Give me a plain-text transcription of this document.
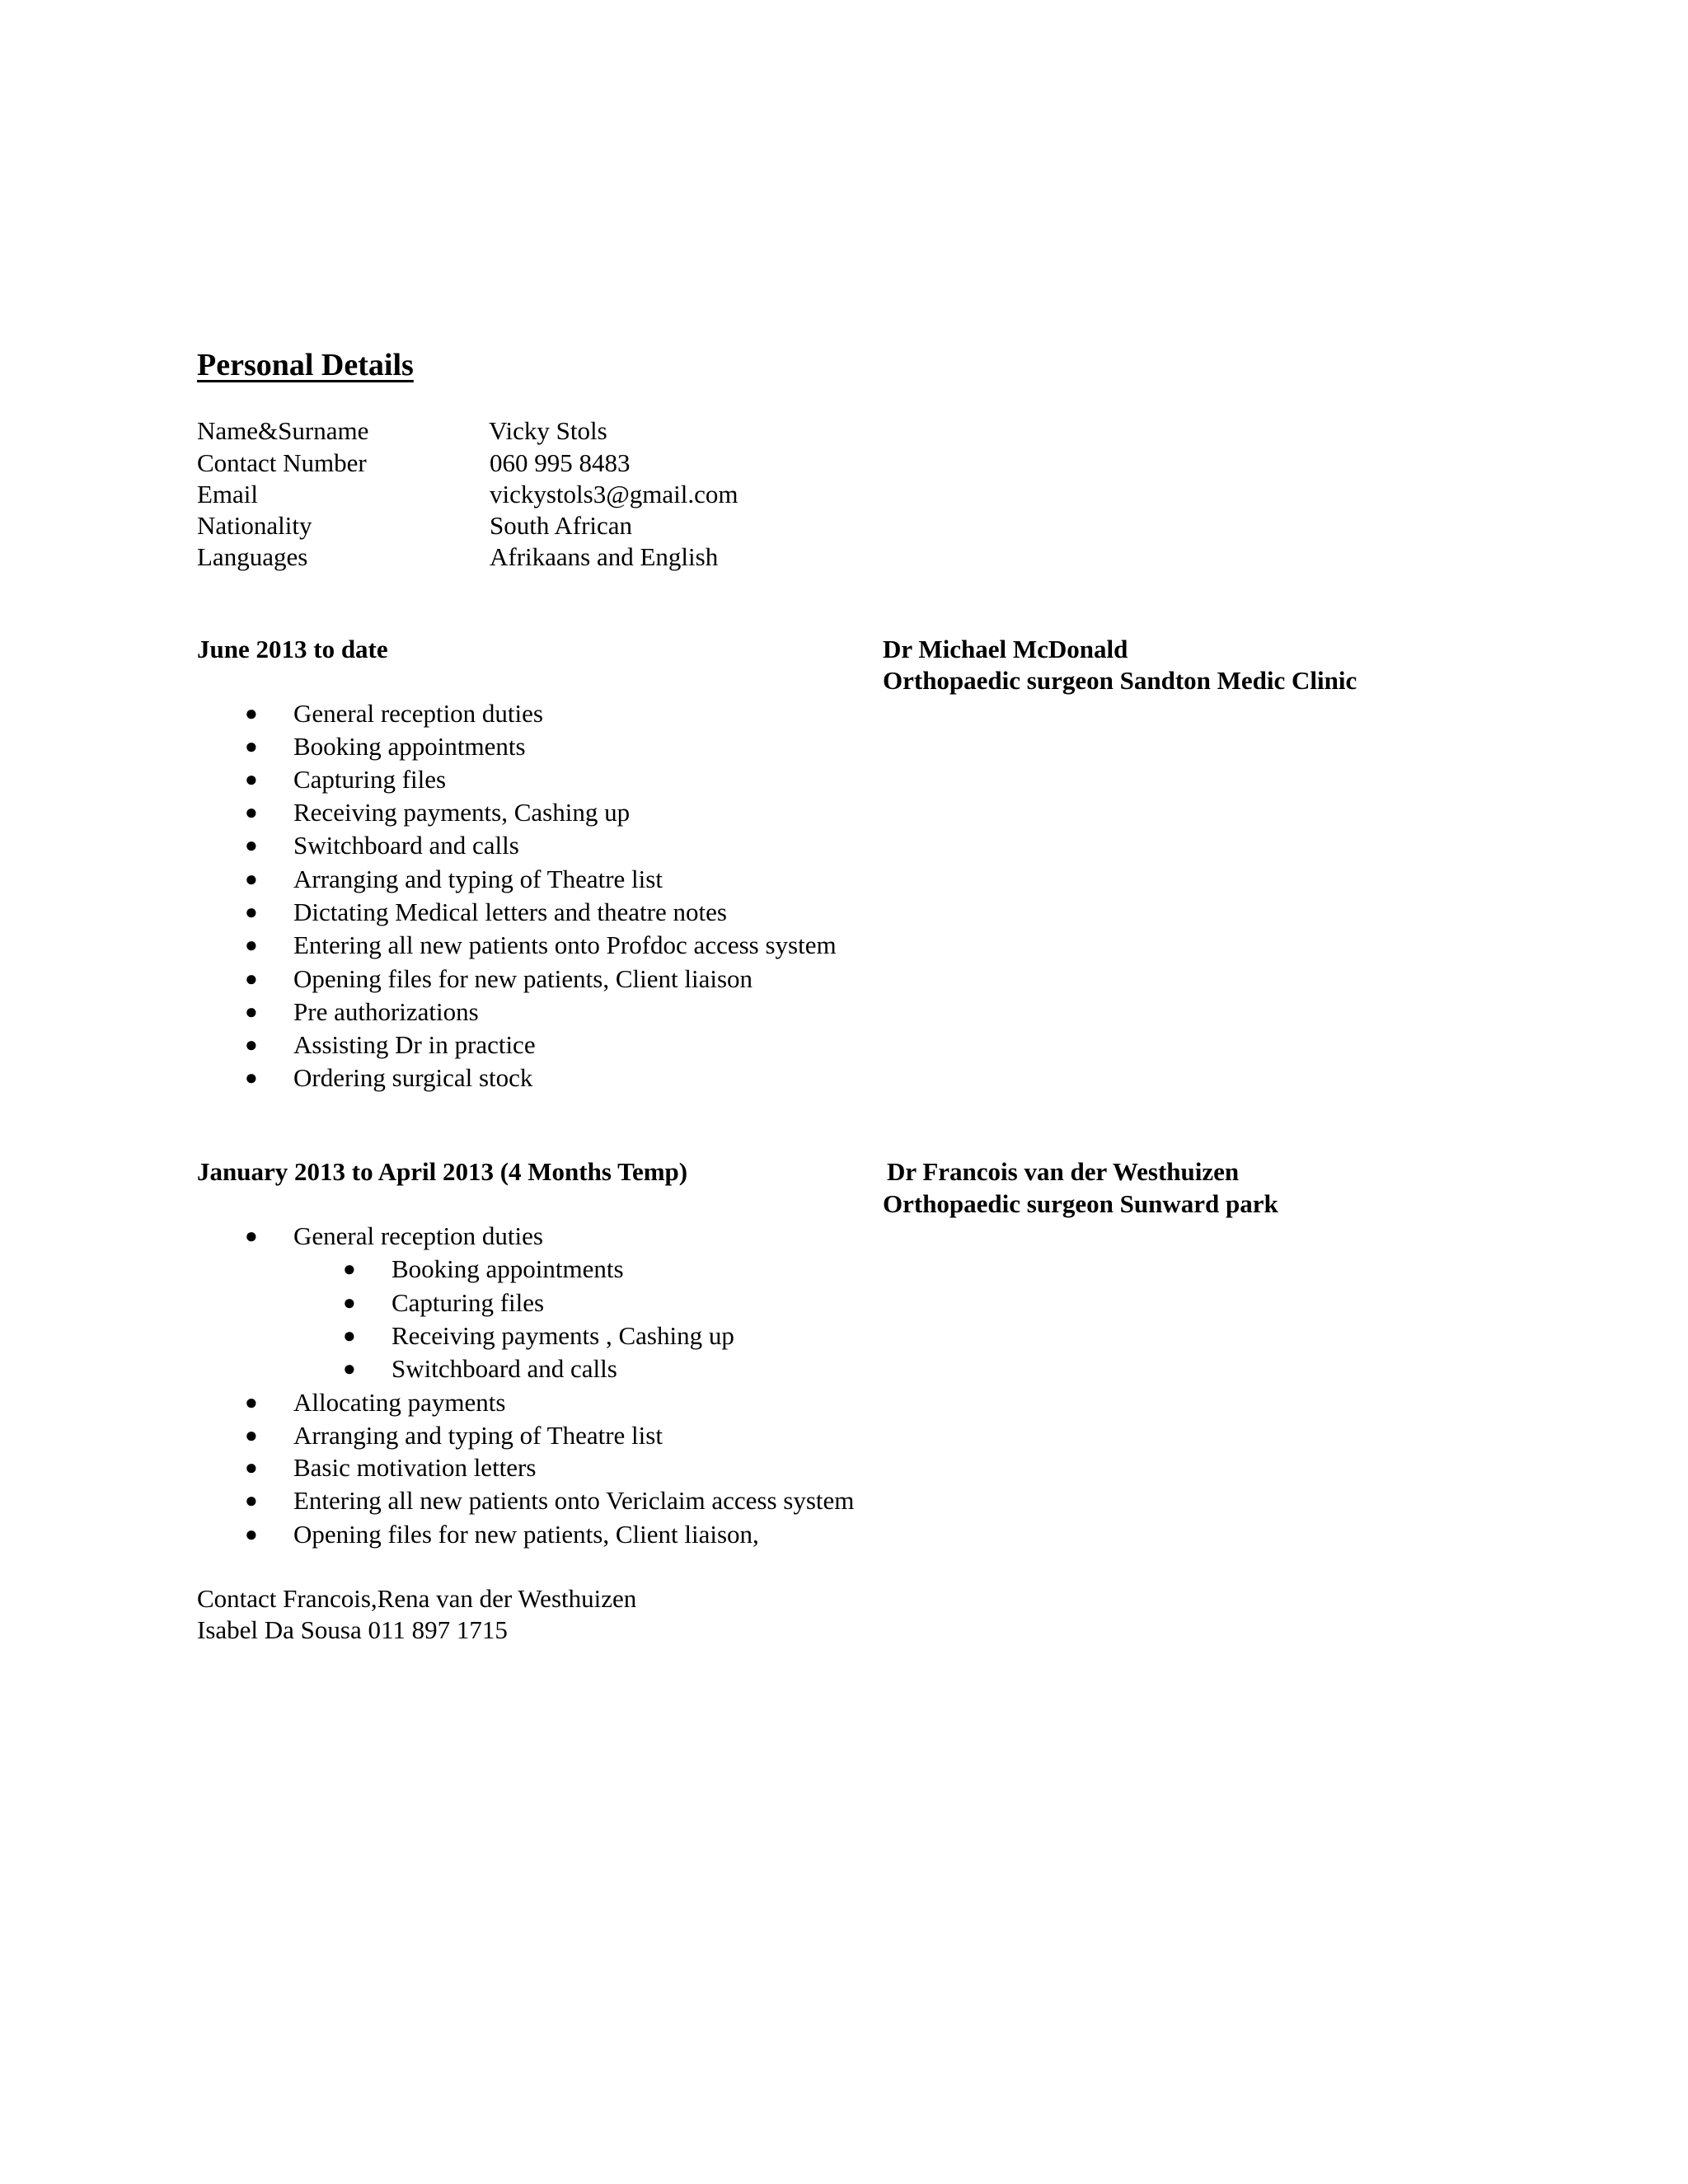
Personal Details
Name&Surname	Vicky Stols
Contact Number	060 995 8483
Email	vickystols3@gmail.com
Nationality	South African
Languages	Afrikaans and English
June 2013 to date	Dr Michael McDonald
Orthopaedic surgeon Sandton Medic Clinic
● General reception duties
● Booking appointments
● Capturing files
● Receiving payments, Cashing up
● Switchboard and calls
● Arranging and typing of Theatre list
● Dictating Medical letters and theatre notes
● Entering all new patients onto Profdoc access system
● Opening files for new patients, Client liaison
● Pre authorizations
● Assisting Dr in practice
● Ordering surgical stock
January 2013 to April 2013 (4 Months Temp)	Dr Francois van der Westhuizen
Orthopaedic surgeon Sunward park
● General reception duties
● Booking appointments
● Capturing files
● Receiving payments , Cashing up
● Switchboard and calls
● Allocating payments
● Arranging and typing of Theatre list
● Basic motivation letters
● Entering all new patients onto Vericlaim access system
● Opening files for new patients, Client liaison,
Contact Francois,Rena van der Westhuizen
Isabel Da Sousa 011 897 1715
